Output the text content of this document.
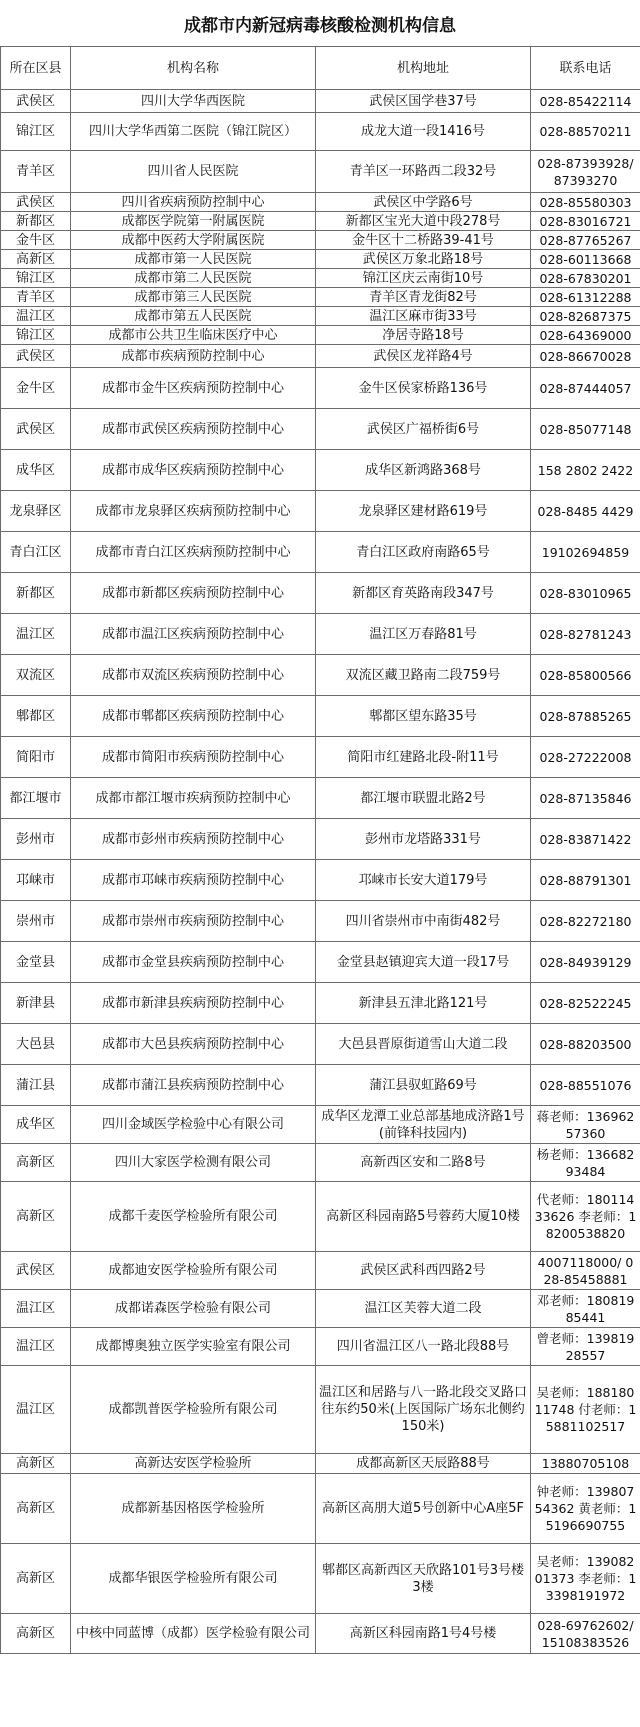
成都市内新冠病毒核酸检测机构信息
所在区县	机构名称	机构地址	联系电话
武侯区	四川大学华西医院	武侯区国学巷37号	028-85422114
锦江区	四川大学华西第二医院（锦江院区）	成龙大道一段1416号	028-88570211
青羊区	四川省人民医院	青羊区一环路西二段32号	028-87393928/ 87393270
武侯区	四川省疾病预防控制中心	武侯区中学路6号	028-85580303
新都区	成都医学院第一附属医院	新都区宝光大道中段278号	028-83016721
金牛区	成都中医药大学附属医院	金牛区十二桥路39-41号	028-87765267
高新区	成都市第一人民医院	武侯区万象北路18号	028-60113668
锦江区	成都市第二人民医院	锦江区庆云南街10号	028-67830201
青羊区	成都市第三人民医院	青羊区青龙街82号	028-61312288
温江区	成都市第五人民医院	温江区麻市街33号	028-82687375
锦江区	成都市公共卫生临床医疗中心	净居寺路18号	028-64369000
武侯区	成都市疾病预防控制中心	武侯区龙祥路4号	028-86670028
金牛区	成都市金牛区疾病预防控制中心	金牛区侯家桥路136号	028-87444057
武侯区	成都市武侯区疾病预防控制中心	武侯区广福桥街6号	028-85077148
成华区	成都市成华区疾病预防控制中心	成华区新鸿路368号	158 2802 2422
龙泉驿区	成都市龙泉驿区疾病预防控制中心	龙泉驿区建材路619号	028-8485 4429
青白江区	成都市青白江区疾病预防控制中心	青白江区政府南路65号	19102694859
新都区	成都市新都区疾病预防控制中心	新都区育英路南段347号	028-83010965
温江区	成都市温江区疾病预防控制中心	温江区万春路81号	028-82781243
双流区	成都市双流区疾病预防控制中心	双流区藏卫路南二段759号	028-85800566
郫都区	成都市郫都区疾病预防控制中心	郫都区望东路35号	028-87885265
简阳市	成都市简阳市疾病预防控制中心	简阳市红建路北段-附11号	028-27222008
都江堰市	成都市都江堰市疾病预防控制中心	都江堰市联盟北路2号	028-87135846
彭州市	成都市彭州市疾病预防控制中心	彭州市龙塔路331号	028-83871422
邛崃市	成都市邛崃市疾病预防控制中心	邛崃市长安大道179号	028-88791301
崇州市	成都市崇州市疾病预防控制中心	四川省崇州市中南街482号	028-82272180
金堂县	成都市金堂县疾病预防控制中心	金堂县赵镇迎宾大道一段17号	028-84939129
新津县	成都市新津县疾病预防控制中心	新津县五津北路121号	028-82522245
大邑县	成都市大邑县疾病预防控制中心	大邑县晋原街道雪山大道二段	028-88203500
蒲江县	成都市蒲江县疾病预防控制中心	蒲江县驭虹路69号	028-88551076
成华区	四川金域医学检验中心有限公司	成华区龙潭工业总部基地成济路1号(前锋科技园内)	蒋老师：13696257360
高新区	四川大家医学检测有限公司	高新西区安和二路8号	杨老师：13668293484
高新区	成都千麦医学检验所有限公司	高新区科园南路5号蓉药大厦10楼	代老师：18011433626 李老师：18200538820
武侯区	成都迪安医学检验所有限公司	武侯区武科西四路2号	4007118000/ 028-85458881
温江区	成都诺森医学检验有限公司	温江区芙蓉大道二段	邓老师：18081985441
温江区	成都博奥独立医学实验室有限公司	四川省温江区八一路北段88号	曾老师：13981928557
温江区	成都凯普医学检验所有限公司	温江区和居路与八一路北段交叉路口往东约50米(上医国际广场东北侧约150米)	吴老师：18818011748 付老师：15881102517
高新区	高新达安医学检验所	成都高新区天辰路88号	13880705108
高新区	成都新基因格医学检验所	高新区高朋大道5号创新中心A座5F	钟老师：13980754362 黄老师：15196690755
高新区	成都华银医学检验所有限公司	郫都区高新西区天欣路101号3号楼3楼	吴老师：13908201373 李老师：13398191972
高新区	中核中同蓝博（成都）医学检验有限公司	高新区科园南路1号4号楼	028-69762602/ 15108383526
